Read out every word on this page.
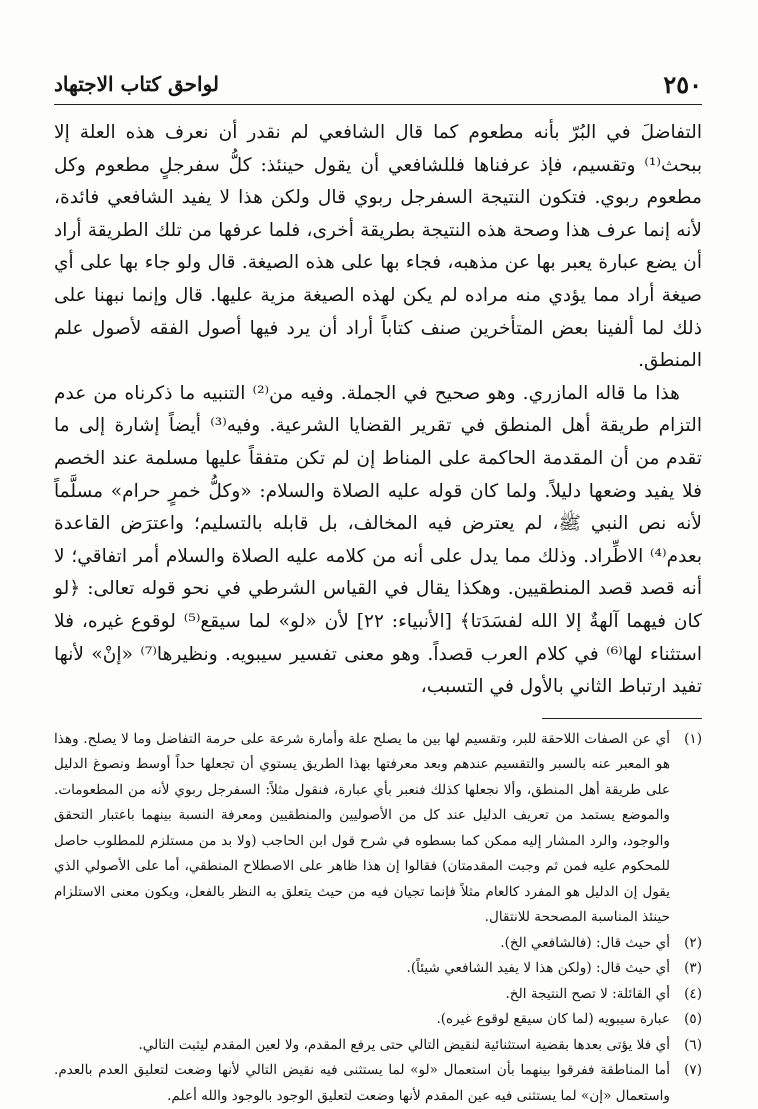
٢٥٠
لواحق كتاب الاجتهاد

التفاضلَ في البُرّ بأنه مطعوم كما قال الشافعي لم نقدر أن نعرف هذه العلة إلا ببحث⁽¹⁾ وتقسيم، فإذ عرفناها فللشافعي أن يقول حينئذ: كلُّ سفرجلٍ مطعوم وكل مطعوم ربوي. فتكون النتيجة السفرجل ربوي قال ولكن هذا لا يفيد الشافعي فائدة، لأنه إنما عرف هذا وصحة هذه النتيجة بطريقة أخرى، فلما عرفها من تلك الطريقة أراد أن يضع عبارة يعبر بها عن مذهبه، فجاء بها على هذه الصيغة. قال ولو جاء بها على أي صيغة أراد مما يؤدي منه مراده لم يكن لهذه الصيغة مزية عليها. قال وإنما نبهنا على ذلك لما ألفينا بعض المتأخرين صنف كتاباً أراد أن يرد فيها أصول الفقه لأصول علم المنطق.

هذا ما قاله المازري. وهو صحيح في الجملة. وفيه من⁽²⁾ التنبيه ما ذكرناه من عدم التزام طريقة أهل المنطق في تقرير القضايا الشرعية. وفيه⁽³⁾ أيضاً إشارة إلى ما تقدم من أن المقدمة الحاكمة على المناط إن لم تكن متفقاً عليها مسلمة عند الخصم فلا يفيد وضعها دليلاً. ولما كان قوله عليه الصلاة والسلام: «وكلُّ خمرٍ حرام» مسلَّماً لأنه نص النبي ﷺ، لم يعترض فيه المخالف، بل قابله بالتسليم؛ واعترَض القاعدة بعدم⁽⁴⁾ الاطِّراد. وذلك مما يدل على أنه من كلامه عليه الصلاة والسلام أمر اتفاقي؛ لا أنه قصد قصد المنطقيين. وهكذا يقال في القياس الشرطي في نحو قوله تعالى: ﴿لو كان فيهما آلهةٌ إلا الله لفسَدَتا﴾ [الأنبياء: ٢٢] لأن «لو» لما سيقع⁽⁵⁾ لوقوع غيره، فلا استثناء لها⁽⁶⁾ في كلام العرب قصداً. وهو معنى تفسير سيبويه. ونظيرها⁽⁷⁾ «إنْ» لأنها تفيد ارتباط الثاني بالأول في التسبب،

(١)
أي عن الصفات اللاحقة للبر، وتقسيم لها بين ما يصلح علة وأمارة شرعة على حرمة التفاضل وما لا يصلح. وهذا هو المعبر عنه بالسبر والتقسيم عندهم وبعد معرفتها بهذا الطريق يستوي أن تجعلها حداً أوسط ونصوغ الدليل على طريقة أهل المنطق، وألا نجعلها كذلك فنعبر بأي عبارة، فنقول مثلاً: السفرجل ربوي لأنه من المطعومات. والموضع يستمد من تعريف الدليل عند كل من الأصوليين والمنطقيين ومعرفة النسبة بينهما باعتبار التحقق والوجود، والرد المشار إليه ممكن كما بسطوه في شرح قول ابن الحاجب (ولا بد من مستلزم للمطلوب حاصل للمحكوم عليه فمن ثم وجبت المقدمتان) فقالوا إن هذا ظاهر على الاصطلاح المنطقي، أما على الأصولي الذي يقول إن الدليل هو المفرد كالعام مثلاً فإنما تجيان فيه من حيث يتعلق به النظر بالفعل، ويكون معنى الاستلزام حينئذ المناسبة المصححة للانتقال.
(٢)
أي حيث قال: (فالشافعي الخ).
(٣)
أي حيث قال: (ولكن هذا لا يفيد الشافعي شيئاً).
(٤)
أي القائلة: لا تصح النتيجة الخ.
(٥)
عبارة سيبويه (لما كان سيقع لوقوع غيره).
(٦)
أي فلا يؤتى بعدها بقضية استثنائية لنقيض التالي حتى يرفع المقدم، ولا لعين المقدم ليثبت التالي.
(٧)
أما المناطقة ففرقوا بينهما بأن استعمال «لو» لما يستثنى فيه نقيض التالي لأنها وضعت لتعليق العدم بالعدم. واستعمال «إن» لما يستثنى فيه عين المقدم لأنها وضعت لتعليق الوجود بالوجود والله أعلم.
